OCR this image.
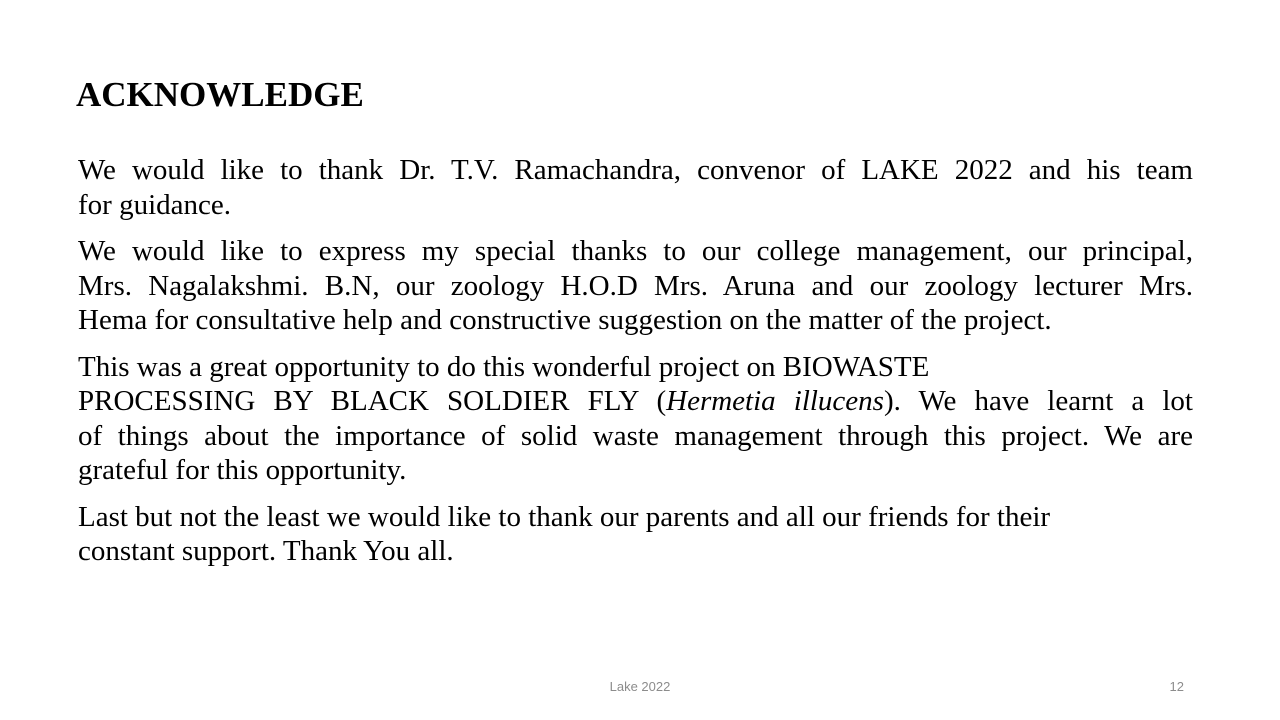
ACKNOWLEDGE

We would like to thank Dr. T.V. Ramachandra, convenor of LAKE 2022 and his team
for guidance.

We would like to express my special thanks to our college management, our principal,
Mrs. Nagalakshmi. B.N, our zoology H.O.D Mrs. Aruna and our zoology lecturer Mrs.
Hema for consultative help and constructive suggestion on the matter of the project.

This was a great opportunity to do this wonderful project on BIOWASTE
PROCESSING BY BLACK SOLDIER FLY (Hermetia illucens). We have learnt a lot
of things about the importance of solid waste management through this project. We are
grateful for this opportunity.

Last but not the least we would like to thank our parents and all our friends for their
constant support. Thank You all.

Lake 2022	12
